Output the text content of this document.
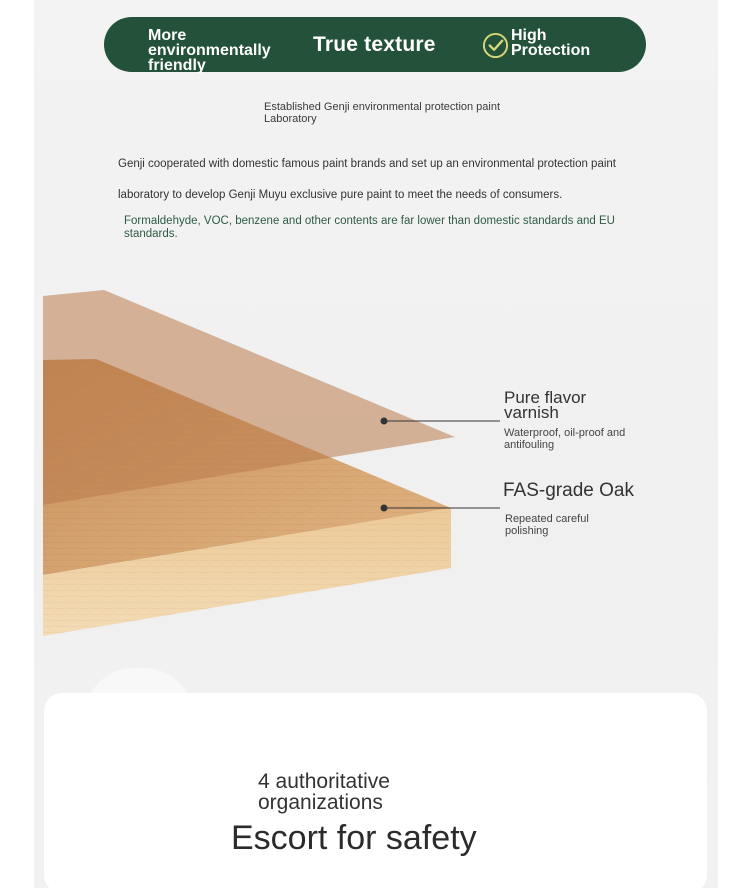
More environmentally friendly
True texture	High Protection
Established Genji environmental protection paint Laboratory
Genji cooperated with domestic famous paint brands and set up an environmental protection paint laboratory to develop Genji Muyu exclusive pure paint to meet the needs of consumers.
Formaldehyde, VOC, benzene and other contents are far lower than domestic standards and EU standards.
Pure flavor varnish
Waterproof, oil-proof and antifouling
FAS-grade Oak
Repeated careful polishing
4 authoritative organizations
Escort for safety
